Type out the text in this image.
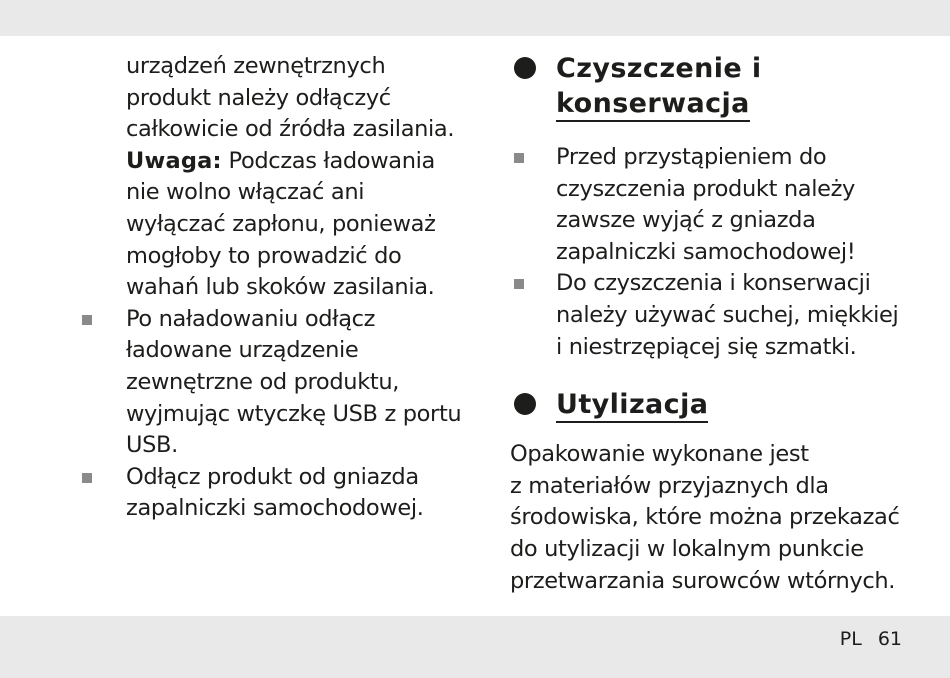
urządzeń zewnętrznych
produkt należy odłączyć
całkowicie od źródła zasilania.
Uwaga: Podczas ładowania
nie wolno włączać ani
wyłączać zapłonu, ponieważ
mogłoby to prowadzić do
wahań lub skoków zasilania.
Po naładowaniu odłącz
ładowane urządzenie
zewnętrzne od produktu,
wyjmując wtyczkę USB z portu
USB.
Odłącz produkt od gniazda
zapalniczki samochodowej.
Czyszczenie i
konserwacja
Przed przystąpieniem do
czyszczenia produkt należy
zawsze wyjąć z gniazda
zapalniczki samochodowej!
Do czyszczenia i konserwacji
należy używać suchej, miękkiej
i niestrzępiącej się szmatki.
Utylizacja
Opakowanie wykonane jest
z materiałów przyjaznych dla
środowiska, które można przekazać
do utylizacji w lokalnym punkcie
przetwarzania surowców wtórnych.
PL 61
